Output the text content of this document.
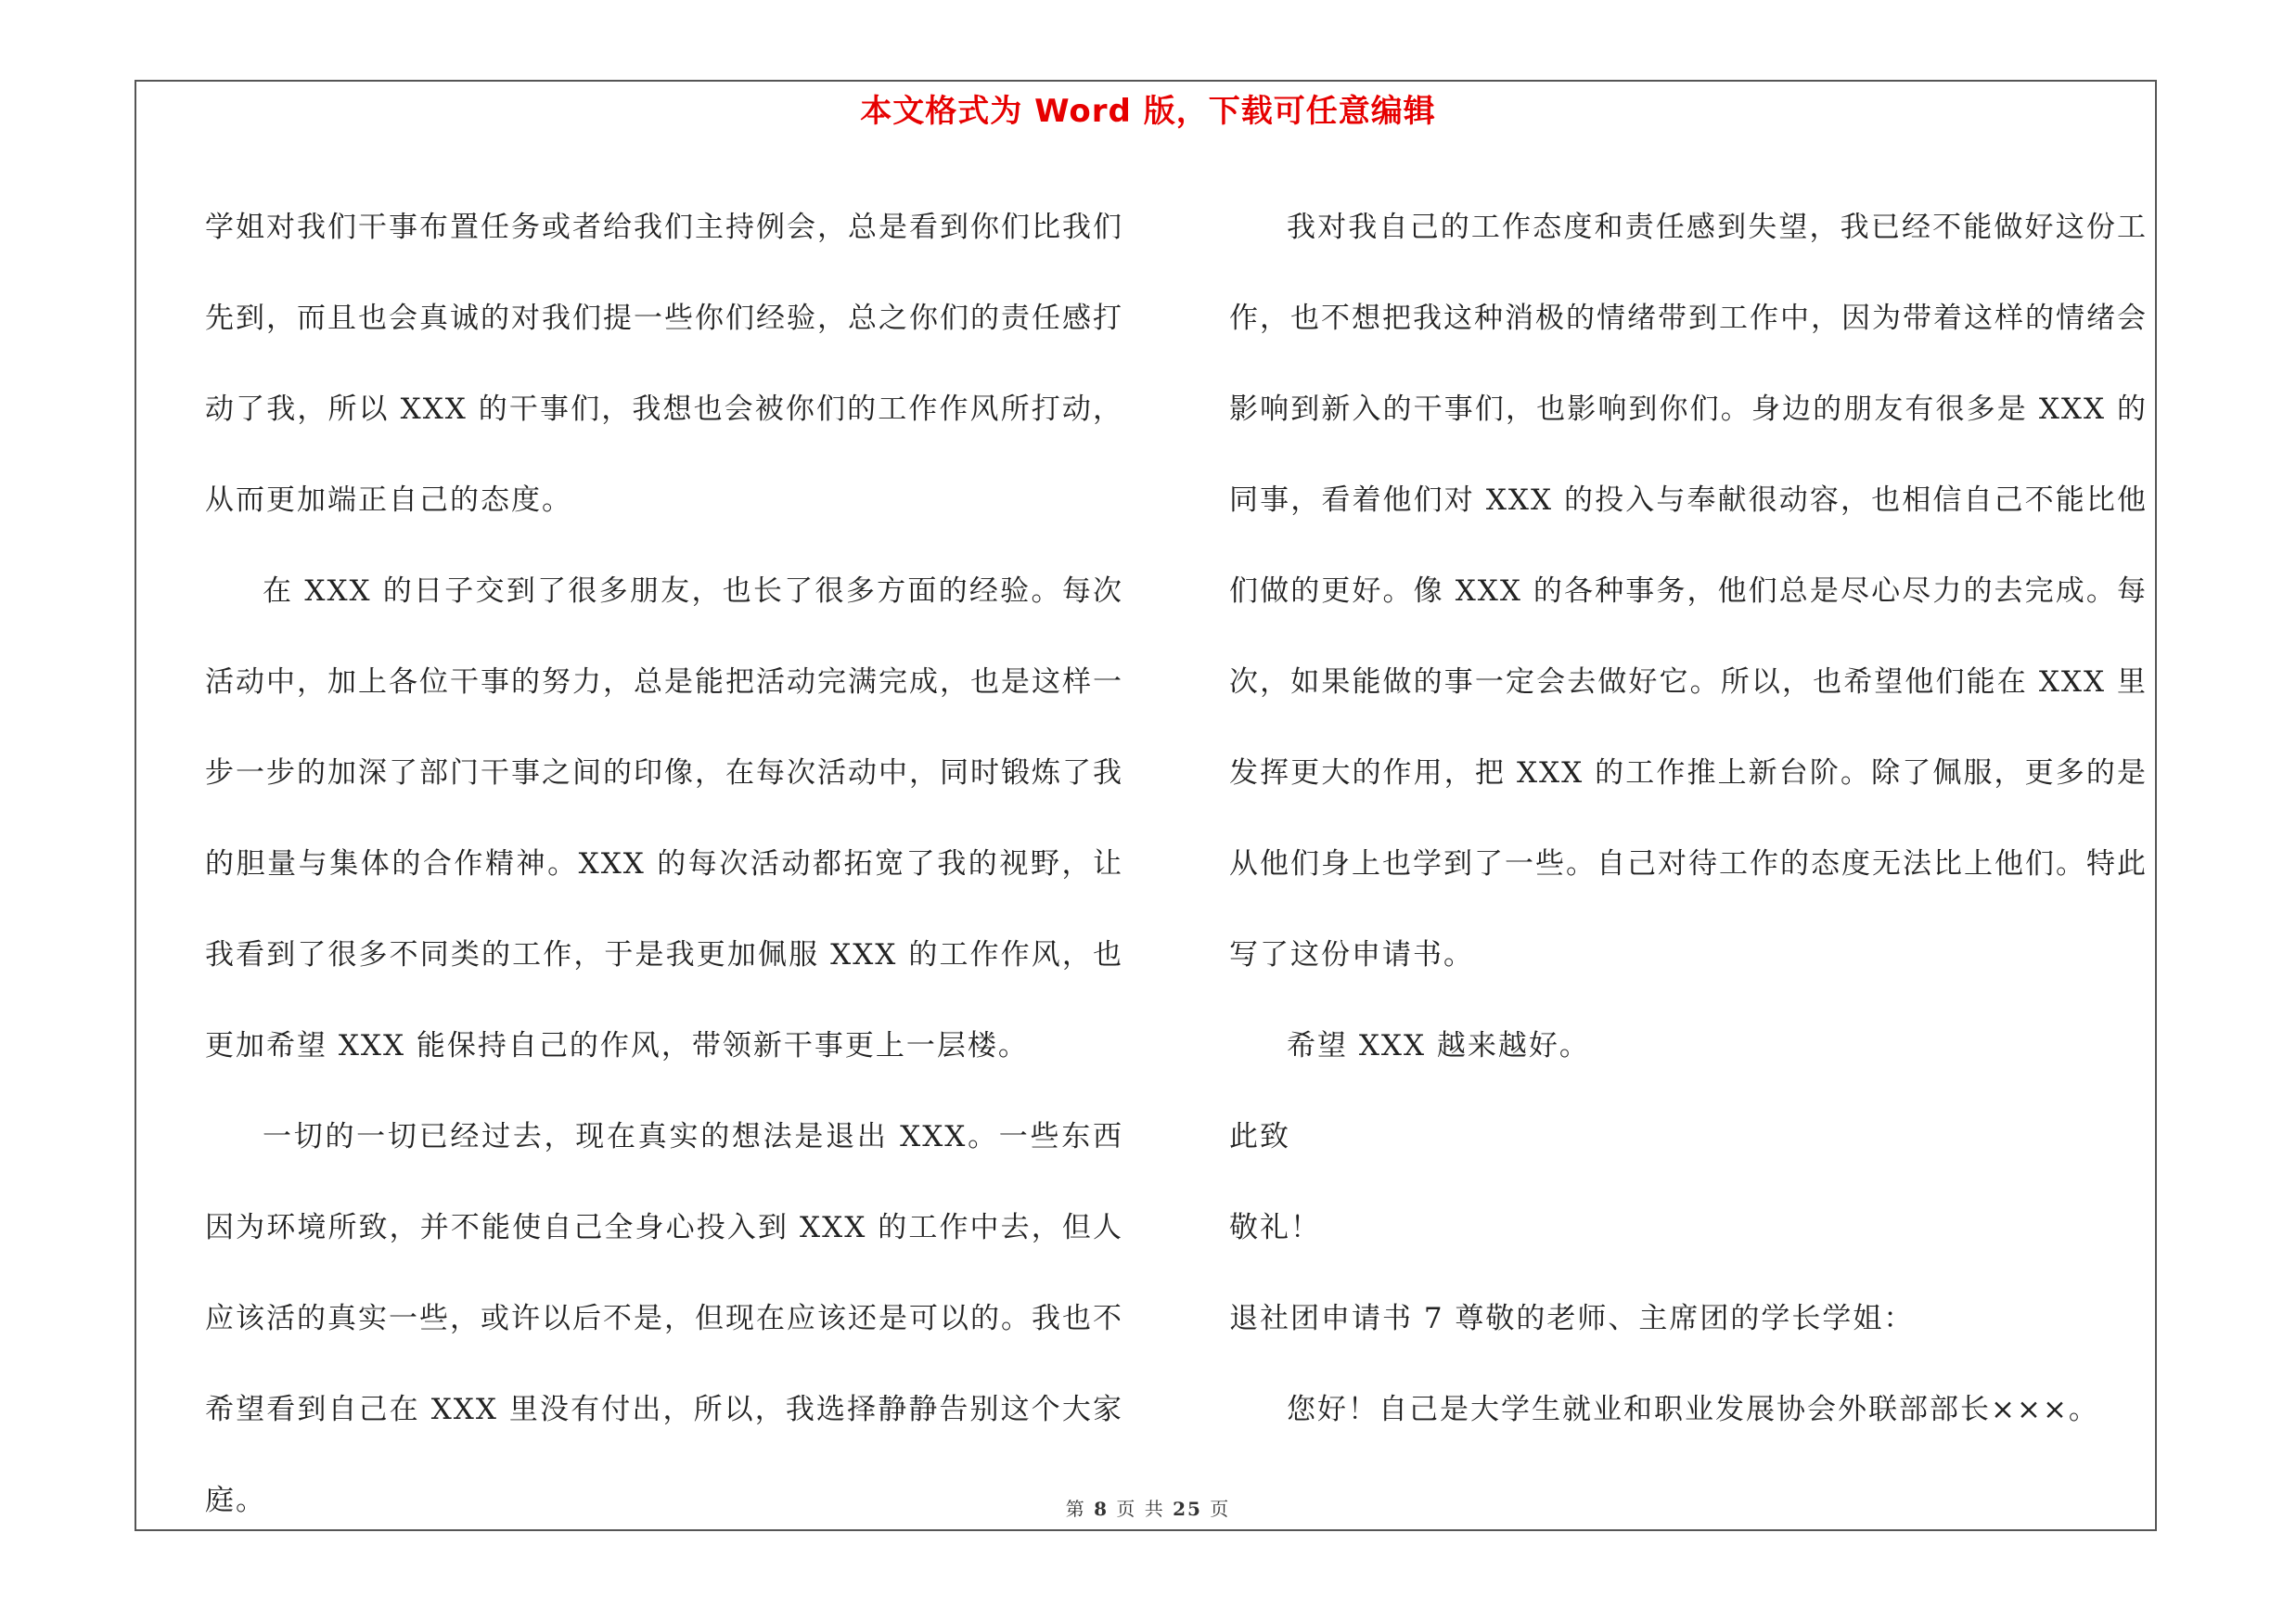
本文格式为 Word 版，下载可任意编辑

学姐对我们干事布置任务或者给我们主持例会，总是看到你们比我们先到，而且也会真诚的对我们提一些你们经验，总之你们的责任感打动了我，所以 XXX 的干事们，我想也会被你们的工作作风所打动，从而更加端正自己的态度。

在 XXX 的日子交到了很多朋友，也长了很多方面的经验。每次活动中，加上各位干事的努力，总是能把活动完满完成，也是这样一步一步的加深了部门干事之间的印像，在每次活动中，同时锻炼了我的胆量与集体的合作精神。XXX 的每次活动都拓宽了我的视野，让我看到了很多不同类的工作，于是我更加佩服 XXX 的工作作风，也更加希望 XXX 能保持自己的作风，带领新干事更上一层楼。

一切的一切已经过去，现在真实的想法是退出 XXX。一些东西因为环境所致，并不能使自己全身心投入到 XXX 的工作中去，但人应该活的真实一些，或许以后不是，但现在应该还是可以的。我也不希望看到自己在 XXX 里没有付出，所以，我选择静静告别这个大家庭。

我对我自己的工作态度和责任感到失望，我已经不能做好这份工作，也不想把我这种消极的情绪带到工作中，因为带着这样的情绪会影响到新入的干事们，也影响到你们。身边的朋友有很多是 XXX 的同事，看着他们对 XXX 的投入与奉献很动容，也相信自己不能比他们做的更好。像 XXX 的各种事务，他们总是尽心尽力的去完成。每次，如果能做的事一定会去做好它。所以，也希望他们能在 XXX 里发挥更大的作用，把 XXX 的工作推上新台阶。除了佩服，更多的是从他们身上也学到了一些。自己对待工作的态度无法比上他们。特此写了这份申请书。

希望 XXX 越来越好。

此致

敬礼！

退社团申请书 7 尊敬的老师、主席团的学长学姐：

您好！自己是大学生就业和职业发展协会外联部部长×××。

第 8 页 共 25 页
